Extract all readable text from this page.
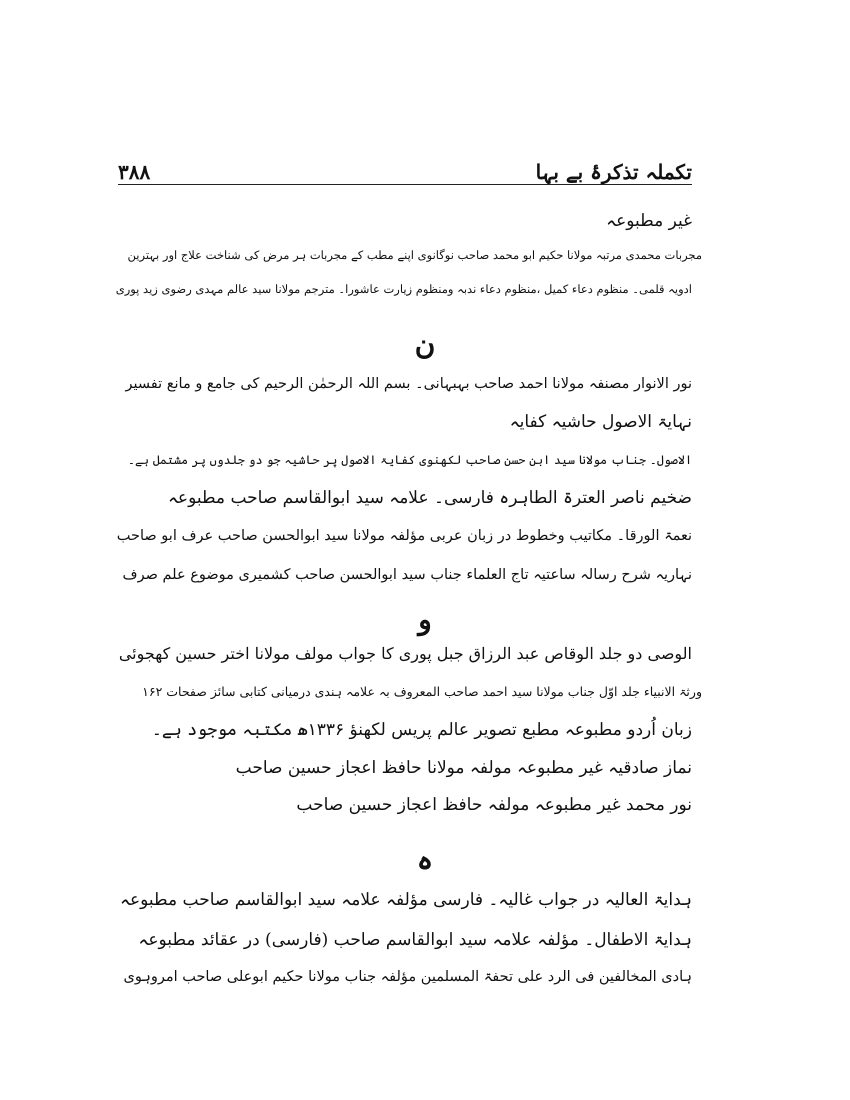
تکملہ تذکرۂ بے بہا
۳۸۸
غیر مطبوعہ
مجربات محمدی مرتبہ مولانا حکیم ابو محمد صاحب نوگانوی اپنے مطب کے مجربات ہر مرض کی شناخت علاج اور بہترین
ادویہ قلمی۔ منظوم دعاء کمیل ،منظوم دعاء ندبہ ومنظوم زیارت عاشورا۔ مترجم مولانا سید عالم مہدی رضوی زید پوری
ن
نور الانوار مصنفہ مولانا احمد صاحب بہبہانی۔ بسم اللہ الرحمٰن الرحیم کی جامع و مانع تفسیر
نہایۃ الاصول حاشیہ کفایہ
الاصول۔ جناب مولانا سید ابن حسن صاحب لکھنوی کفایۃ الاصول پر حاشیہ جو دو جلدوں پر مشتمل ہے۔
ضخیم ناصر العترۃ الطاہرہ فارسی۔ علامہ سید ابوالقاسم صاحب مطبوعہ
نعمۃ الورقا۔ مکاتیب وخطوط در زبان عربی مؤلفہ مولانا سید ابوالحسن صاحب عرف ابو صاحب
نہاریہ شرح رسالہ ساعتیہ تاج العلماء جناب سید ابوالحسن صاحب کشمیری موضوع علم صرف
و
الوصی دو جلد الوقاص عبد الرزاق جبل پوری کا جواب مولف مولانا اختر حسین کھجوئی
ورثۃ الانبیاء جلد اوّل جناب مولانا سید احمد صاحب المعروف بہ علامہ ہندی درمیانی کتابی سائز صفحات ۱۶۲
زبان اُردو مطبوعہ مطبع تصویر عالم پریس لکھنؤ ۱۳۳۶ھ مکتبہ موجود ہے۔
نماز صادقیہ غیر مطبوعہ مولفہ مولانا حافظ اعجاز حسین صاحب
نور محمد غیر مطبوعہ مولفہ حافظ اعجاز حسین صاحب
ہ
ہدایۃ العالیہ در جواب غالیہ۔ فارسی مؤلفہ علامہ سید ابوالقاسم صاحب مطبوعہ
ہدایۃ الاطفال۔ مؤلفہ علامہ سید ابوالقاسم صاحب (فارسی) در عقائد مطبوعہ
ہادی المخالفین فی الرد علی تحفۃ المسلمین مؤلفہ جناب مولانا حکیم ابوعلی صاحب امروہوی
